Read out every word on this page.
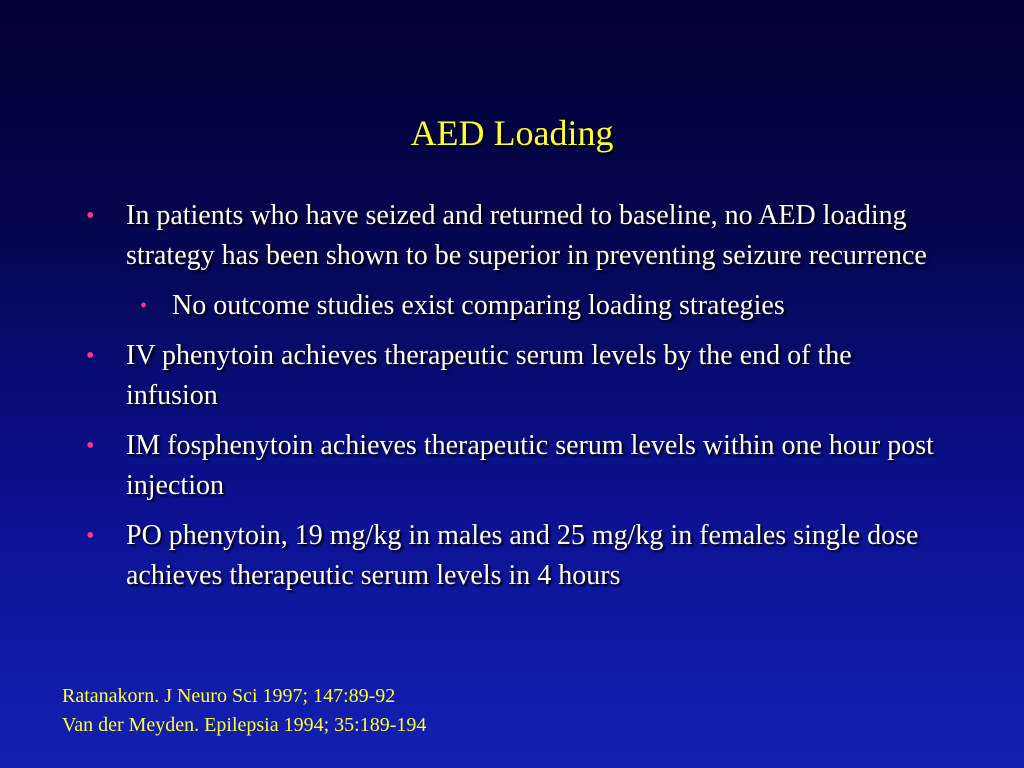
AED Loading
• In patients who have seized and returned to baseline, no AED loading strategy has been shown to be superior in preventing seizure recurrence
• No outcome studies exist comparing loading strategies
• IV phenytoin achieves therapeutic serum levels by the end of the infusion
• IM fosphenytoin achieves therapeutic serum levels within one hour post injection
• PO phenytoin, 19 mg/kg in males and 25 mg/kg in females single dose achieves therapeutic serum levels in 4 hours
Ratanakorn. J Neuro Sci 1997; 147:89-92
Van der Meyden. Epilepsia 1994; 35:189-194
